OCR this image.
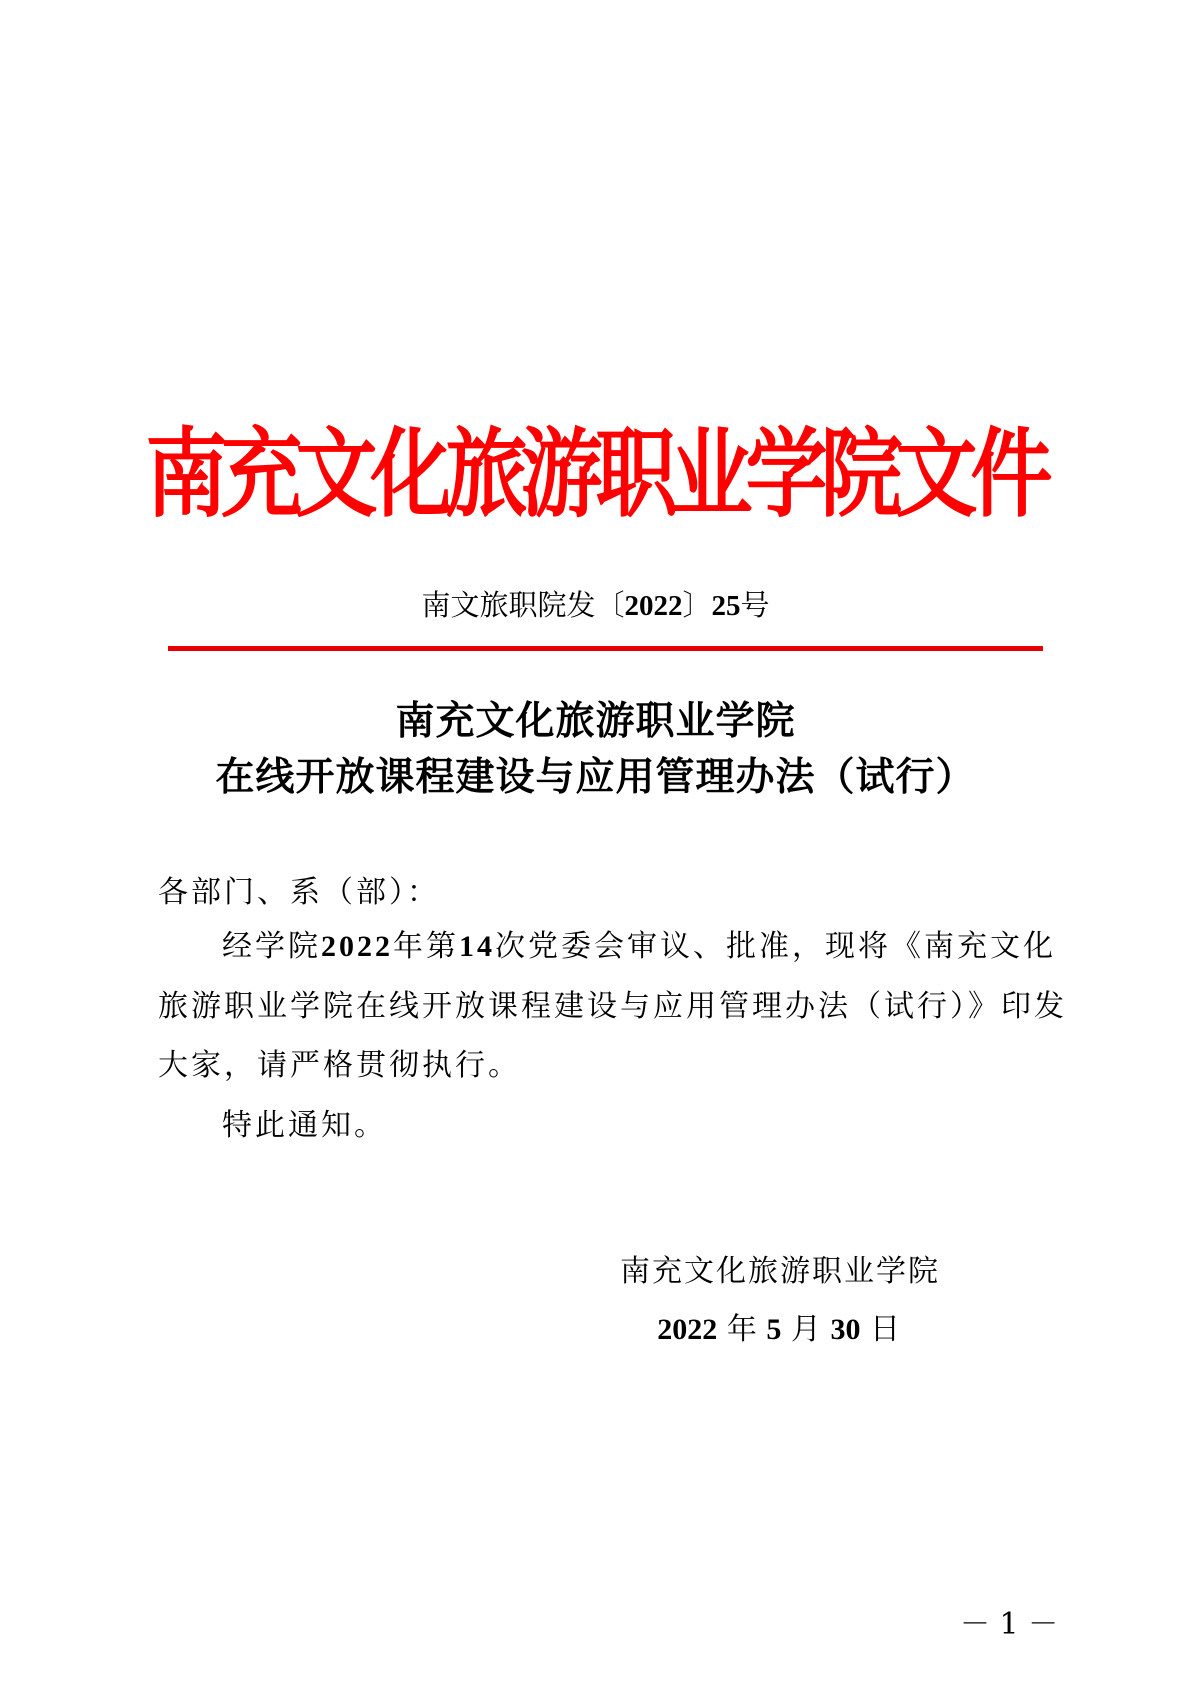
南充文化旅游职业学院文件
南文旅职院发〔2022〕25号
南充文化旅游职业学院
在线开放课程建设与应用管理办法（试行）
各部门、系（部）：
经学院2022年第14次党委会审议、批准，现将《南充文化
旅游职业学院在线开放课程建设与应用管理办法（试行）》印发
大家，请严格贯彻执行。
特此通知。
南充文化旅游职业学院
2022 年 5 月 30 日
－ 1 －
